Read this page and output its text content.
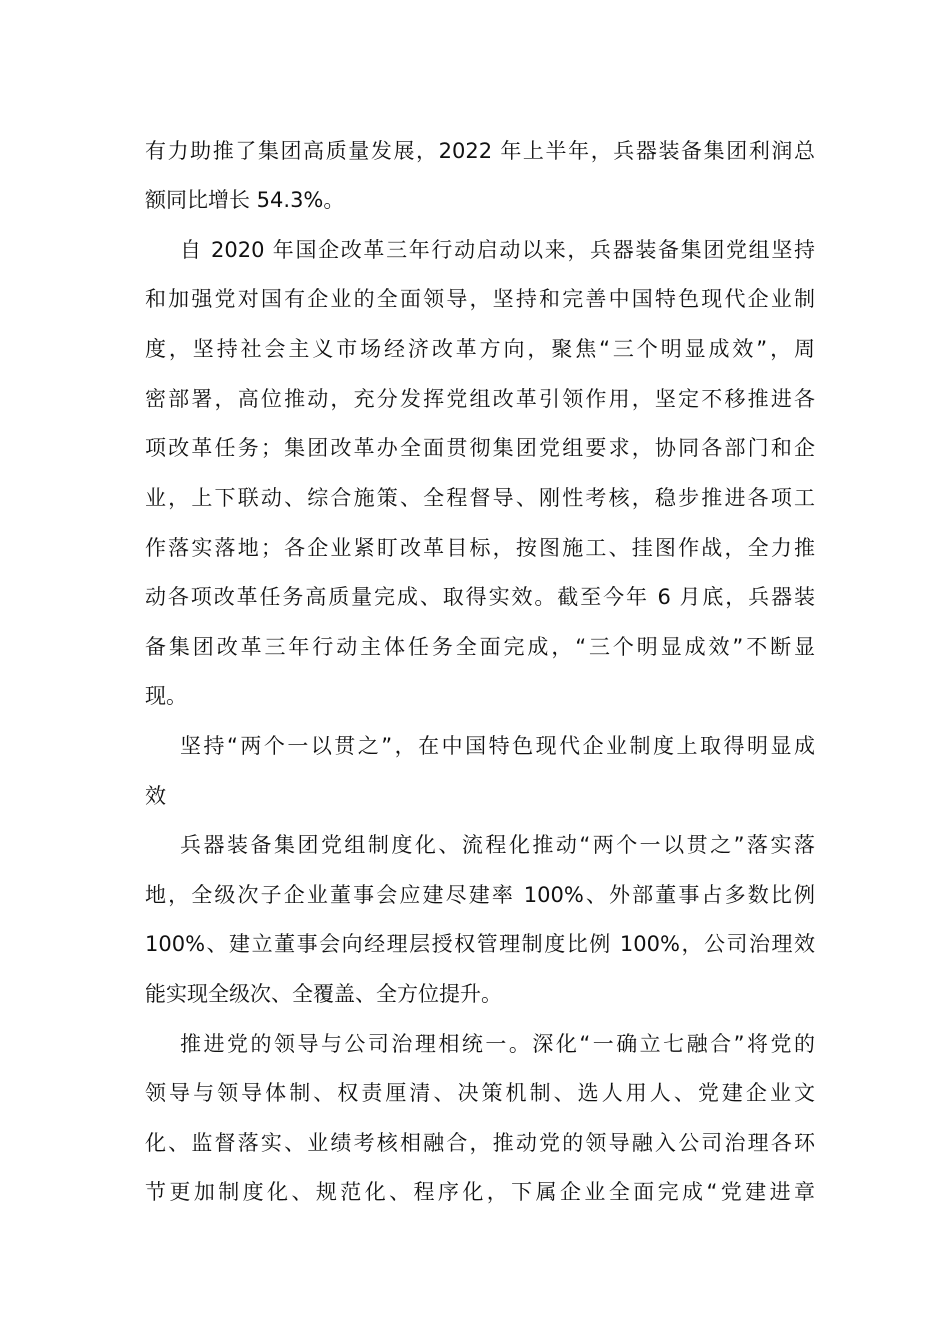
有力助推了集团高质量发展，2022 年上半年，兵器装备集团利润总
额同比增长 54.3%。
自 2020 年国企改革三年行动启动以来，兵器装备集团党组坚持
和加强党对国有企业的全面领导，坚持和完善中国特色现代企业制
度，坚持社会主义市场经济改革方向，聚焦“三个明显成效”，周
密部署，高位推动，充分发挥党组改革引领作用，坚定不移推进各
项改革任务；集团改革办全面贯彻集团党组要求，协同各部门和企
业，上下联动、综合施策、全程督导、刚性考核，稳步推进各项工
作落实落地；各企业紧盯改革目标，按图施工、挂图作战，全力推
动各项改革任务高质量完成、取得实效。截至今年 6 月底，兵器装
备集团改革三年行动主体任务全面完成，“三个明显成效”不断显
现。
坚持“两个一以贯之”，在中国特色现代企业制度上取得明显成
效
兵器装备集团党组制度化、流程化推动“两个一以贯之”落实落
地，全级次子企业董事会应建尽建率 100%、外部董事占多数比例
100%、建立董事会向经理层授权管理制度比例 100%，公司治理效
能实现全级次、全覆盖、全方位提升。
推进党的领导与公司治理相统一。深化“一确立七融合”将党的
领导与领导体制、权责厘清、决策机制、选人用人、党建企业文
化、监督落实、业绩考核相融合，推动党的领导融入公司治理各环
节更加制度化、规范化、程序化，下属企业全面完成“党建进章
